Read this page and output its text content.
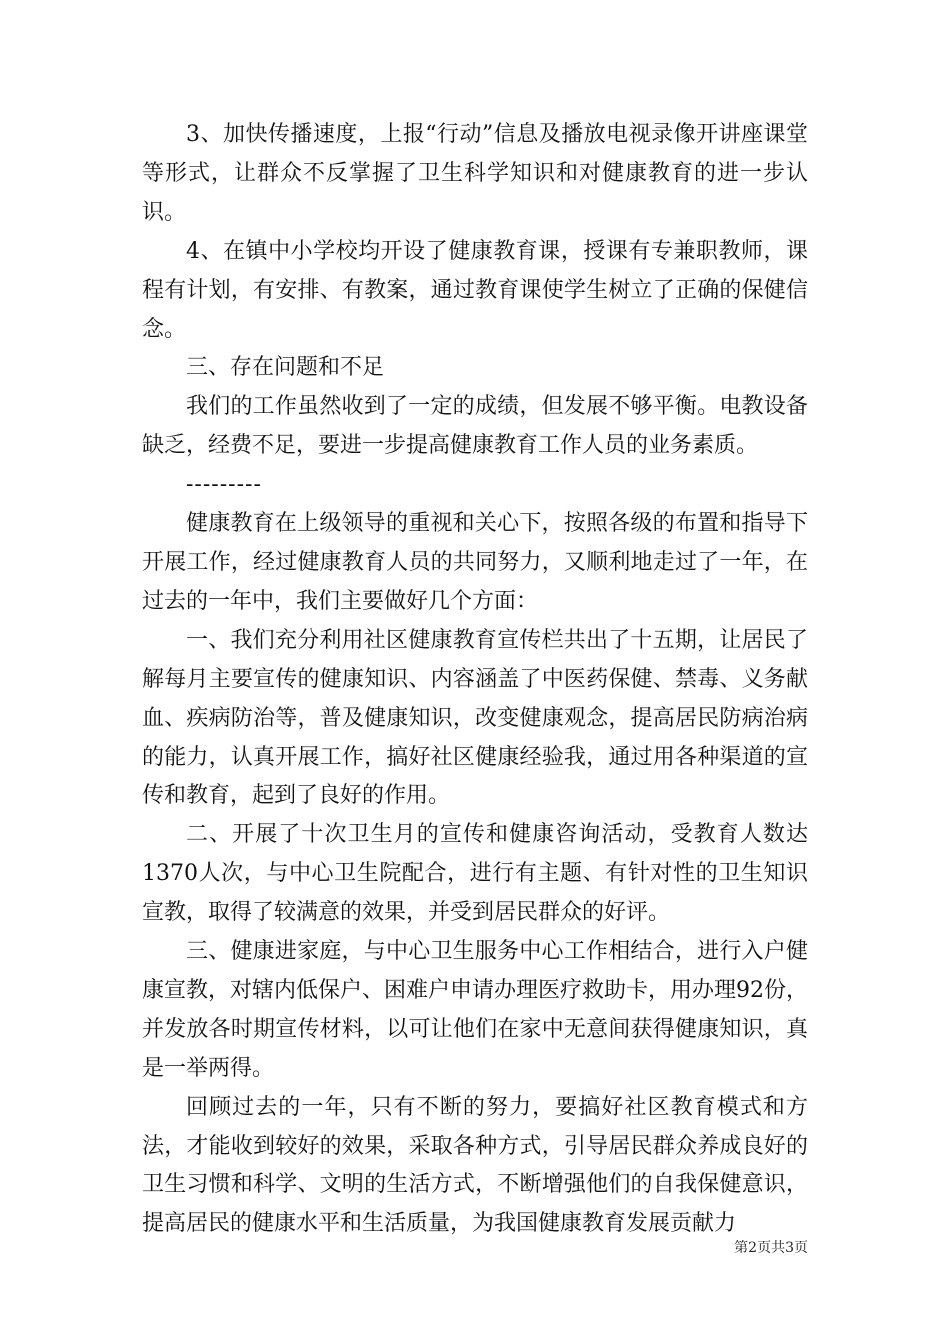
3、加快传播速度，上报“行动”信息及播放电视录像开讲座课堂等形式，让群众不反掌握了卫生科学知识和对健康教育的进一步认识。

4、在镇中小学校均开设了健康教育课，授课有专兼职教师，课程有计划，有安排、有教案，通过教育课使学生树立了正确的保健信念。

三、存在问题和不足

我们的工作虽然收到了一定的成绩，但发展不够平衡。电教设备缺乏，经费不足，要进一步提高健康教育工作人员的业务素质。

---------

健康教育在上级领导的重视和关心下，按照各级的布置和指导下开展工作，经过健康教育人员的共同努力，又顺利地走过了一年，在过去的一年中，我们主要做好几个方面：

一、我们充分利用社区健康教育宣传栏共出了十五期，让居民了解每月主要宣传的健康知识、内容涵盖了中医药保健、禁毒、义务献血、疾病防治等，普及健康知识，改变健康观念，提高居民防病治病的能力，认真开展工作，搞好社区健康经验我，通过用各种渠道的宣传和教育，起到了良好的作用。

二、开展了十次卫生月的宣传和健康咨询活动，受教育人数达1370人次，与中心卫生院配合，进行有主题、有针对性的卫生知识宣教，取得了较满意的效果，并受到居民群众的好评。

三、健康进家庭，与中心卫生服务中心工作相结合，进行入户健康宣教，对辖内低保户、困难户申请办理医疗救助卡，用办理92份，并发放各时期宣传材料，以可让他们在家中无意间获得健康知识，真是一举两得。

回顾过去的一年，只有不断的努力，要搞好社区教育模式和方法，才能收到较好的效果，采取各种方式，引导居民群众养成良好的卫生习惯和科学、文明的生活方式，不断增强他们的自我保健意识，提高居民的健康水平和生活质量，为我国健康教育发展贡献力

第2页共3页
